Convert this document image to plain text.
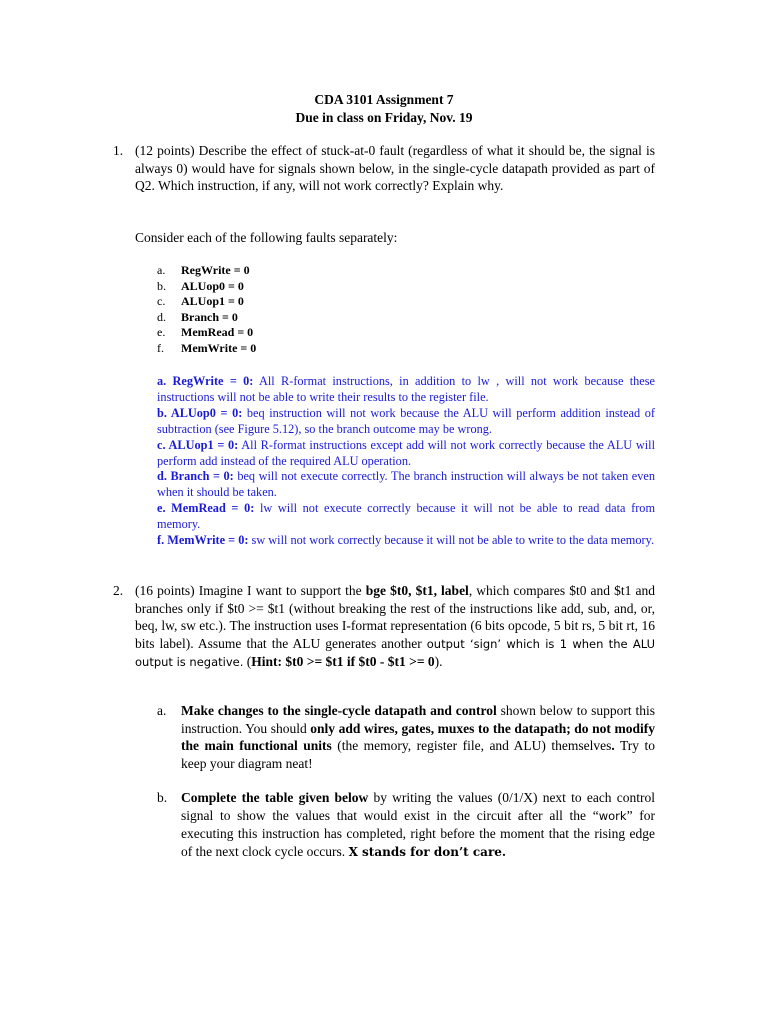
CDA 3101 Assignment 7
Due in class on Friday, Nov. 19
1. (12 points) Describe the effect of stuck-at-0 fault (regardless of what it should be, the signal is always 0) would have for signals shown below, in the single-cycle datapath provided as part of Q2. Which instruction, if any, will not work correctly? Explain why.
Consider each of the following faults separately:
a.	RegWrite = 0
b.	ALUop0 = 0
c.	ALUop1 = 0
d.	Branch = 0
e.	MemRead = 0
f.	MemWrite = 0
a. RegWrite = 0: All R-format instructions, in addition to lw , will not work because these instructions will not be able to write their results to the register file.
b. ALUop0 = 0: beq instruction will not work because the ALU will perform addition instead of subtraction (see Figure 5.12), so the branch outcome may be wrong.
c. ALUop1 = 0: All R-format instructions except add will not work correctly because the ALU will perform add instead of the required ALU operation.
d. Branch = 0: beq will not execute correctly. The branch instruction will always be not taken even when it should be taken.
e. MemRead = 0: lw will not execute correctly because it will not be able to read data from memory.
f. MemWrite = 0: sw will not work correctly because it will not be able to write to the data memory.
2. (16 points) Imagine I want to support the bge $t0, $t1, label, which compares $t0 and $t1 and branches only if $t0 >= $t1 (without breaking the rest of the instructions like add, sub, and, or, beq, lw, sw etc.). The instruction uses I-format representation (6 bits opcode, 5 bit rs, 5 bit rt, 16 bits label). Assume that the ALU generates another output ‘sign’ which is 1 when the ALU output is negative. (Hint: $t0 >= $t1 if $t0 - $t1 >= 0).
a. Make changes to the single-cycle datapath and control shown below to support this instruction. You should only add wires, gates, muxes to the datapath; do not modify the main functional units (the memory, register file, and ALU) themselves. Try to keep your diagram neat!
b. Complete the table given below by writing the values (0/1/X) next to each control signal to show the values that would exist in the circuit after all the “work” for executing this instruction has completed, right before the moment that the rising edge of the next clock cycle occurs. X stands for don’t care.
